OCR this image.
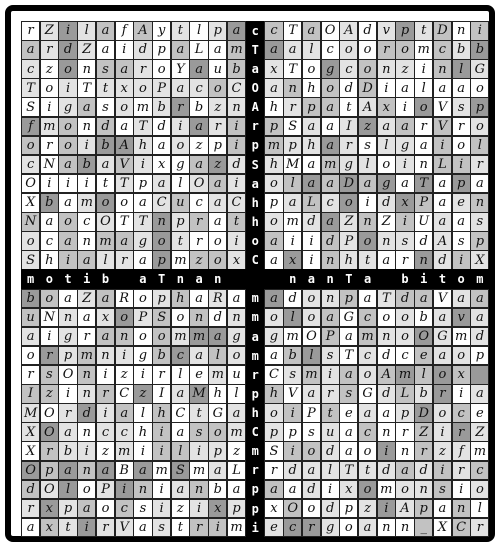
r Z i	l a f A y t	l p a c c T a O A d v p t D n i
a r d Z a i d p a L a m T a a l	c o o r o m c b b
c z o n s a r o Y a u b a x T o g c o n z	i n l G
T o i T t x o P a c o C O a n h o d D i a l a a o
S i g a s o m b r b z n A h r p a t A x i o V s p
f m o n d a T d i a r	i	r p S a a I z a a r V r o
o r o i b A h a o z p i	p m p h a r s	l g a i o l
c N a b a V i x g a z d S h M a m g l o i n L i	r
O i	i	i	t T p a l O a i	a o l a a D a g a T a p a
X b a m o o a C u c a C h p a L c o i d x P a e n
N a o c O T T n p r a t	h o m d a Z n Z i U a a s
o c a n m a g o t	r o i	o a i	i d P o n s d A s p
S h i a l	r a p m z o x C a x i n h t a r n d i X
m o t i b	a T n a n	n a n T a	b i t o m
b o a Z a R o p h a R a m a d o n p a T d a V a a
u N n a x o P S o n d n m o l o a G c o o b a v a
a i g r a n o o m m a g a g m O P a m n o O G m d
o r p m n i g b c a l o m a b l	s T c d c e a o p
r s O n i	z	i	r	l e m u r C s m i a o A m l o x
I z	i n r C z I a M h l	p h V a r s G d L b r	i a
M O r d i a l h C t G a h o i P t e a a p D o c e
X O a n c c h i a s o m C p p s u a c n r Z i	r Z
X r b i	z m i	i	l	i p z m S i o d a o i n r z f m
O p a n a B a m S m a L r r d a l T t d a d i	r c
d O l o P i n i a n b a p a a d i x o m o n s	i o
r x p a o c s	i	z	i x p p x O o d p z	i A p a n l
a x t	i	r V a s t	r	i m i e c r g o a n n _ X C r
